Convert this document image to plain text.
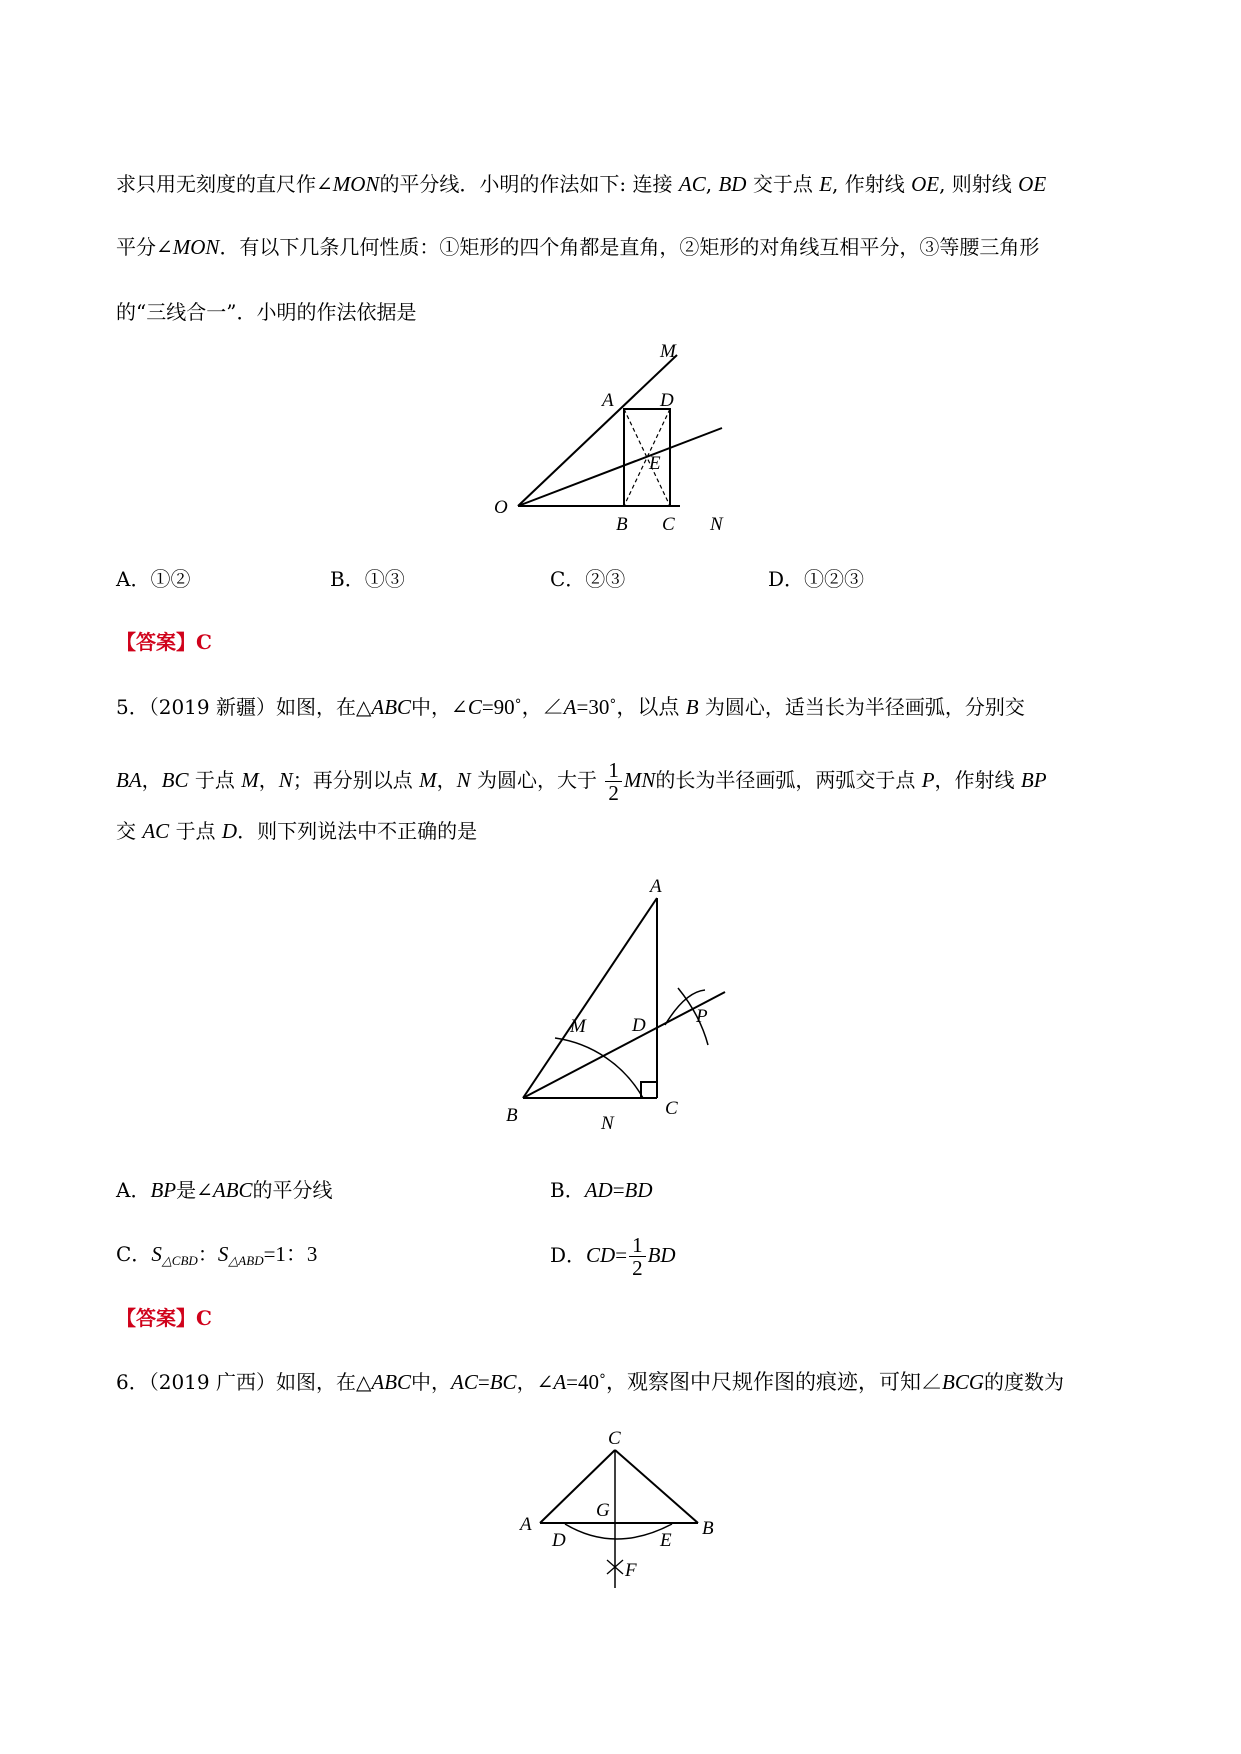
求只用无刻度的直尺作∠MON的平分线．小明的作法如下: 连接 AC, BD 交于点 E, 作射线 OE, 则射线 OE
平分∠MON．有以下几条几何性质：①矩形的四个角都是直角，②矩形的对角线互相平分，③等腰三角形
的“三线合一”．小明的作法依据是
M
A D
E
O
B C N
A．①②	B．①③	C．②③	D．①②③
【答案】C
5．（2019 新疆）如图，在△ABC中，∠C=90˚，∠A=30˚，以点 B 为圆心，适当长为半径画弧，分别交
BA，BC 于点 M，N；再分别以点 M，N 为圆心，大于 $\frac{1}{2}$ MN的长为半径画弧，两弧交于点 P，作射线 BP
交 AC 于点 D．则下列说法中不正确的是
A
M D	P
B	N
C
A．BP是∠ABC的平分线	B．AD=BD
C．$S_{\triangle CBD}$：$S_{\triangle ABD}=1$：3	D．$CD= \frac{1}{2}$ BD
【答案】C
6．（2019 广西）如图，在△ABC中，AC=BC，∠A=40˚，观察图中尺规作图的痕迹，可知∠BCG的度数为
C
A
G
B
D	E
F
